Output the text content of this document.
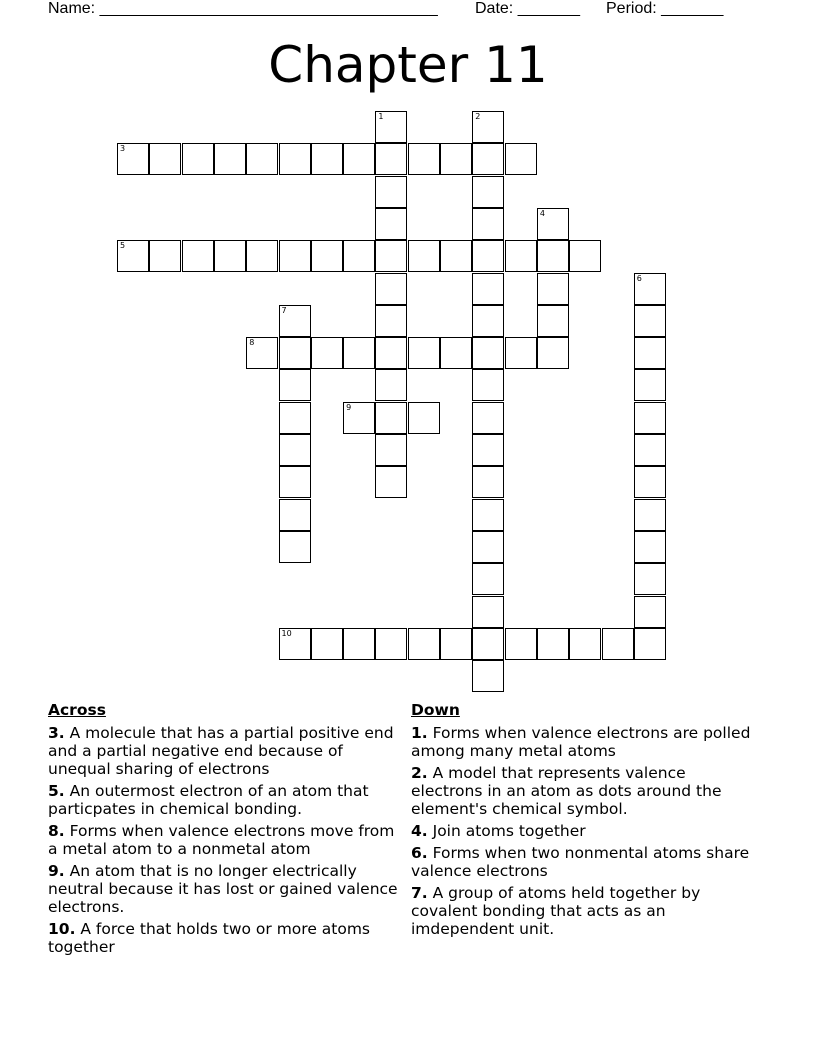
Name: ______________________________________ Date: _______ Period: _______
Chapter 11
3
5
8
9
10
1	2
4
6
7
Across
3. A molecule that has a partial positive end and a partial negative end because of unequal sharing of electrons
5. An outermost electron of an atom that particpates in chemical bonding.
8. Forms when valence electrons move from a metal atom to a nonmetal atom
9. An atom that is no longer electrically neutral because it has lost or gained valence electrons.
10. A force that holds two or more atoms together
Down
1. Forms when valence electrons are polled among many metal atoms
2. A model that represents valence electrons in an atom as dots around the element's chemical symbol.
4. Join atoms together
6. Forms when two nonmental atoms share valence electrons
7. A group of atoms held together by covalent bonding that acts as an imdependent unit.
